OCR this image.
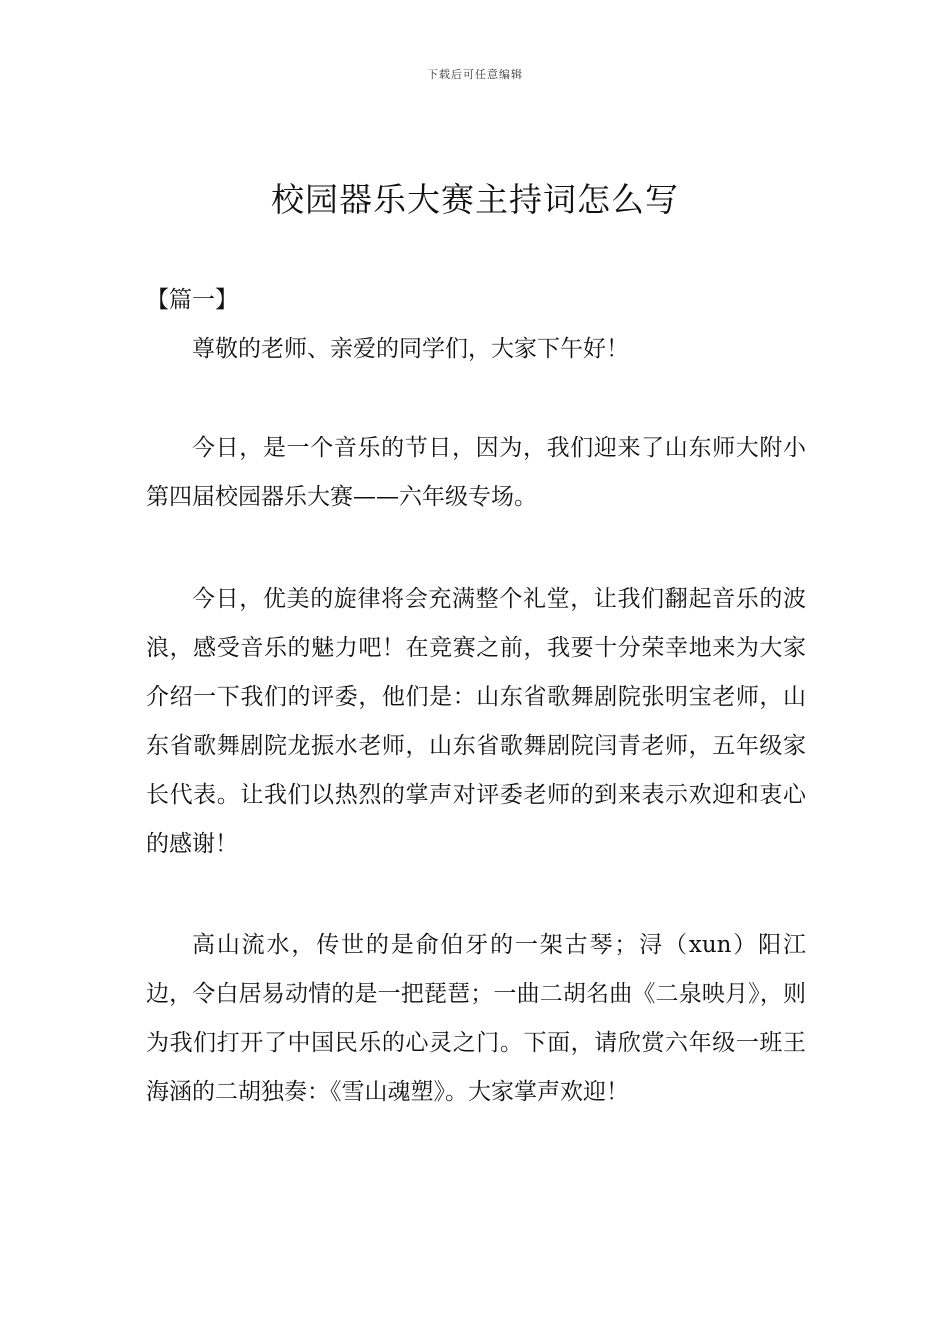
下载后可任意编辑
校园器乐大赛主持词怎么写
【篇一】

尊敬的老师、亲爱的同学们，大家下午好！

今日，是一个音乐的节日，因为，我们迎来了山东师大附小第四届校园器乐大赛——六年级专场。

今日，优美的旋律将会充满整个礼堂，让我们翻起音乐的波浪，感受音乐的魅力吧！在竞赛之前，我要十分荣幸地来为大家介绍一下我们的评委，他们是：山东省歌舞剧院张明宝老师，山东省歌舞剧院龙振水老师，山东省歌舞剧院闫青老师，五年级家长代表。让我们以热烈的掌声对评委老师的到来表示欢迎和衷心的感谢！

高山流水，传世的是俞伯牙的一架古琴；浔（xun）阳江边，令白居易动情的是一把琵琶；一曲二胡名曲《二泉映月》，则为我们打开了中国民乐的心灵之门。下面，请欣赏六年级一班王海涵的二胡独奏：《雪山魂塑》。大家掌声欢迎！
